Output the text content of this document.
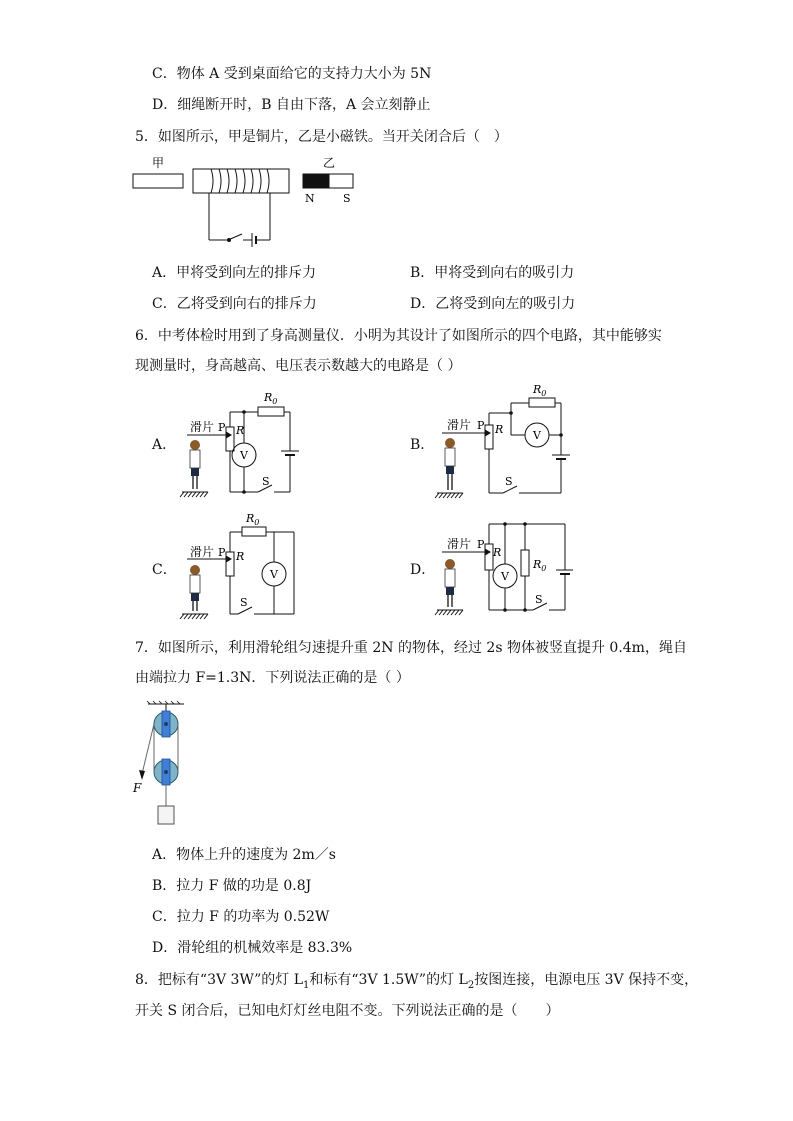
C．物体 A 受到桌面给它的支持力大小为 5N
D．细绳断开时，B 自由下落，A 会立刻静止
5．如图所示，甲是铜片，乙是小磁铁。当开关闭合后（　）
甲	乙
N	S
A．甲将受到向左的排斥力	B．甲将受到向右的吸引力
C．乙将受到向右的排斥力	D．乙将受到向左的吸引力
6．中考体检时用到了身高测量仪．小明为其设计了如图所示的四个电路，其中能够实
现测量时，身高越高、电压表示数越大的电路是（ ）
A．
滑片 P R
$R_0$
V
S
B．
滑片 P R
$R_0$
V
S
C．
滑片 P R
$R_0$
V
S
D．
滑片 P
R
$R_0$
V
S
7．如图所示，利用滑轮组匀速提升重 2N 的物体，经过 2s 物体被竖直提升 0.4m，绳自
由端拉力 F=1.3N．下列说法正确的是（ ）
F
A．物体上升的速度为 2m／s
B．拉力 F 做的功是 0.8J
C．拉力 F 的功率为 0.52W
D．滑轮组的机械效率是 83.3%
8．把标有“3V 3W”的灯 $L_1$和标有“3V 1.5W”的灯 $L_2$按图连接，电源电压 3V 保持不变，
开关 S 闭合后，已知电灯灯丝电阻不变。下列说法正确的是（　　）
